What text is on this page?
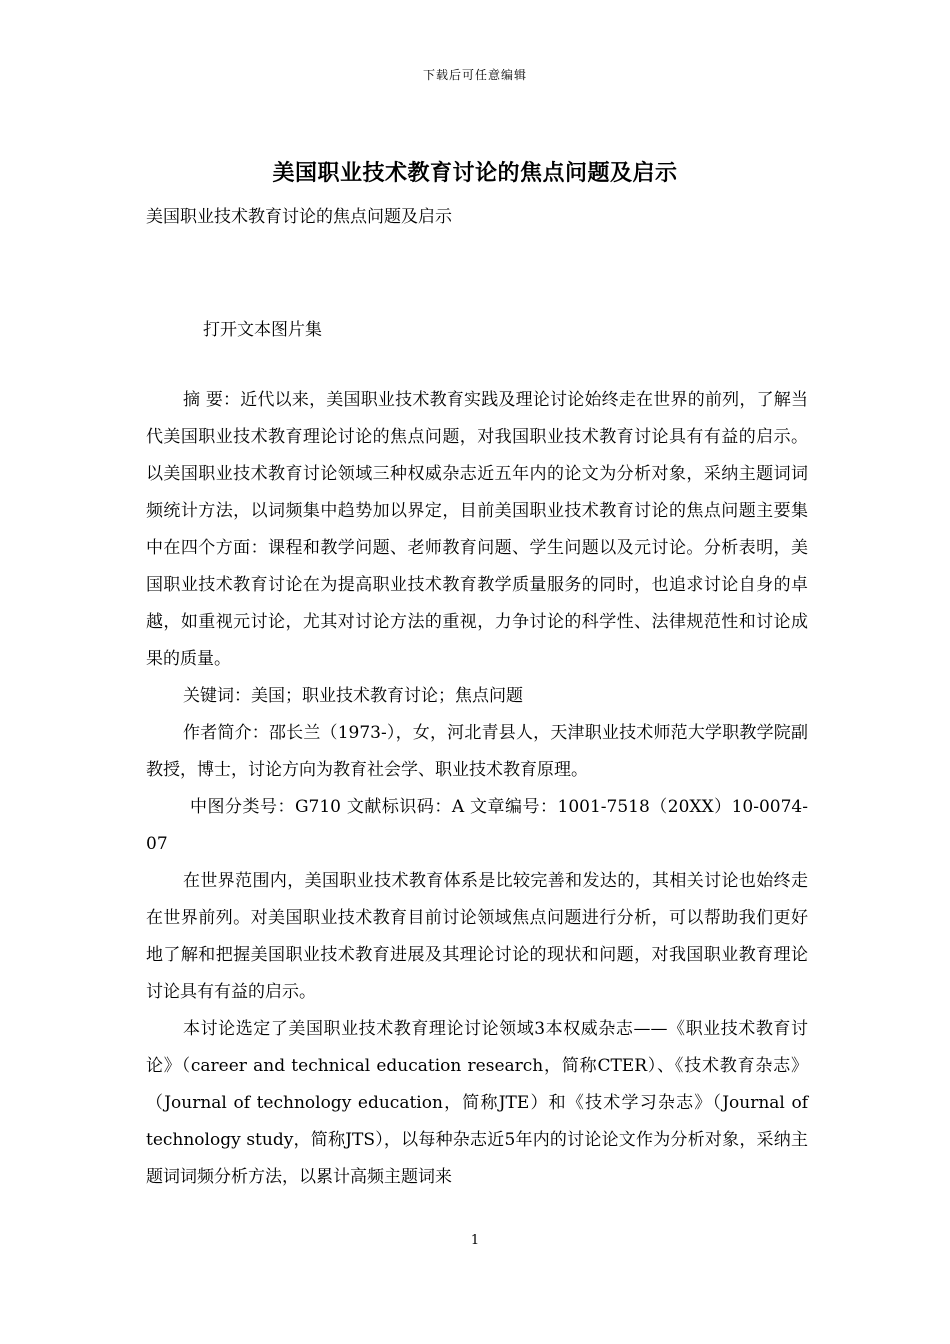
下载后可任意编辑
美国职业技术教育讨论的焦点问题及启示
美国职业技术教育讨论的焦点问题及启示
打开文本图片集

摘 要：近代以来，美国职业技术教育实践及理论讨论始终走在世界的前列，了解当代美国职业技术教育理论讨论的焦点问题，对我国职业技术教育讨论具有有益的启示。以美国职业技术教育讨论领域三种权威杂志近五年内的论文为分析对象，采纳主题词词频统计方法，以词频集中趋势加以界定，目前美国职业技术教育讨论的焦点问题主要集中在四个方面：课程和教学问题、老师教育问题、学生问题以及元讨论。分析表明，美国职业技术教育讨论在为提高职业技术教育教学质量服务的同时，也追求讨论自身的卓越，如重视元讨论，尤其对讨论方法的重视，力争讨论的科学性、法律规范性和讨论成果的质量。

关键词：美国；职业技术教育讨论；焦点问题

作者简介：邵长兰（1973-），女，河北青县人，天津职业技术师范大学职教学院副教授，博士，讨论方向为教育社会学、职业技术教育原理。

中图分类号：G710 文献标识码：A 文章编号：1001-7518（20XX）10-0074-07

在世界范围内，美国职业技术教育体系是比较完善和发达的，其相关讨论也始终走在世界前列。对美国职业技术教育目前讨论领域焦点问题进行分析，可以帮助我们更好地了解和把握美国职业技术教育进展及其理论讨论的现状和问题，对我国职业教育理论讨论具有有益的启示。

本讨论选定了美国职业技术教育理论讨论领域3本权威杂志——《职业技术教育讨论》（career and technical education research，简称CTER）、《技术教育杂志》（Journal of technology education，简称JTE）和《技术学习杂志》（Journal of technology study，简称JTS），以每种杂志近5年内的讨论论文作为分析对象，采纳主题词词频分析方法，以累计高频主题词来

1
